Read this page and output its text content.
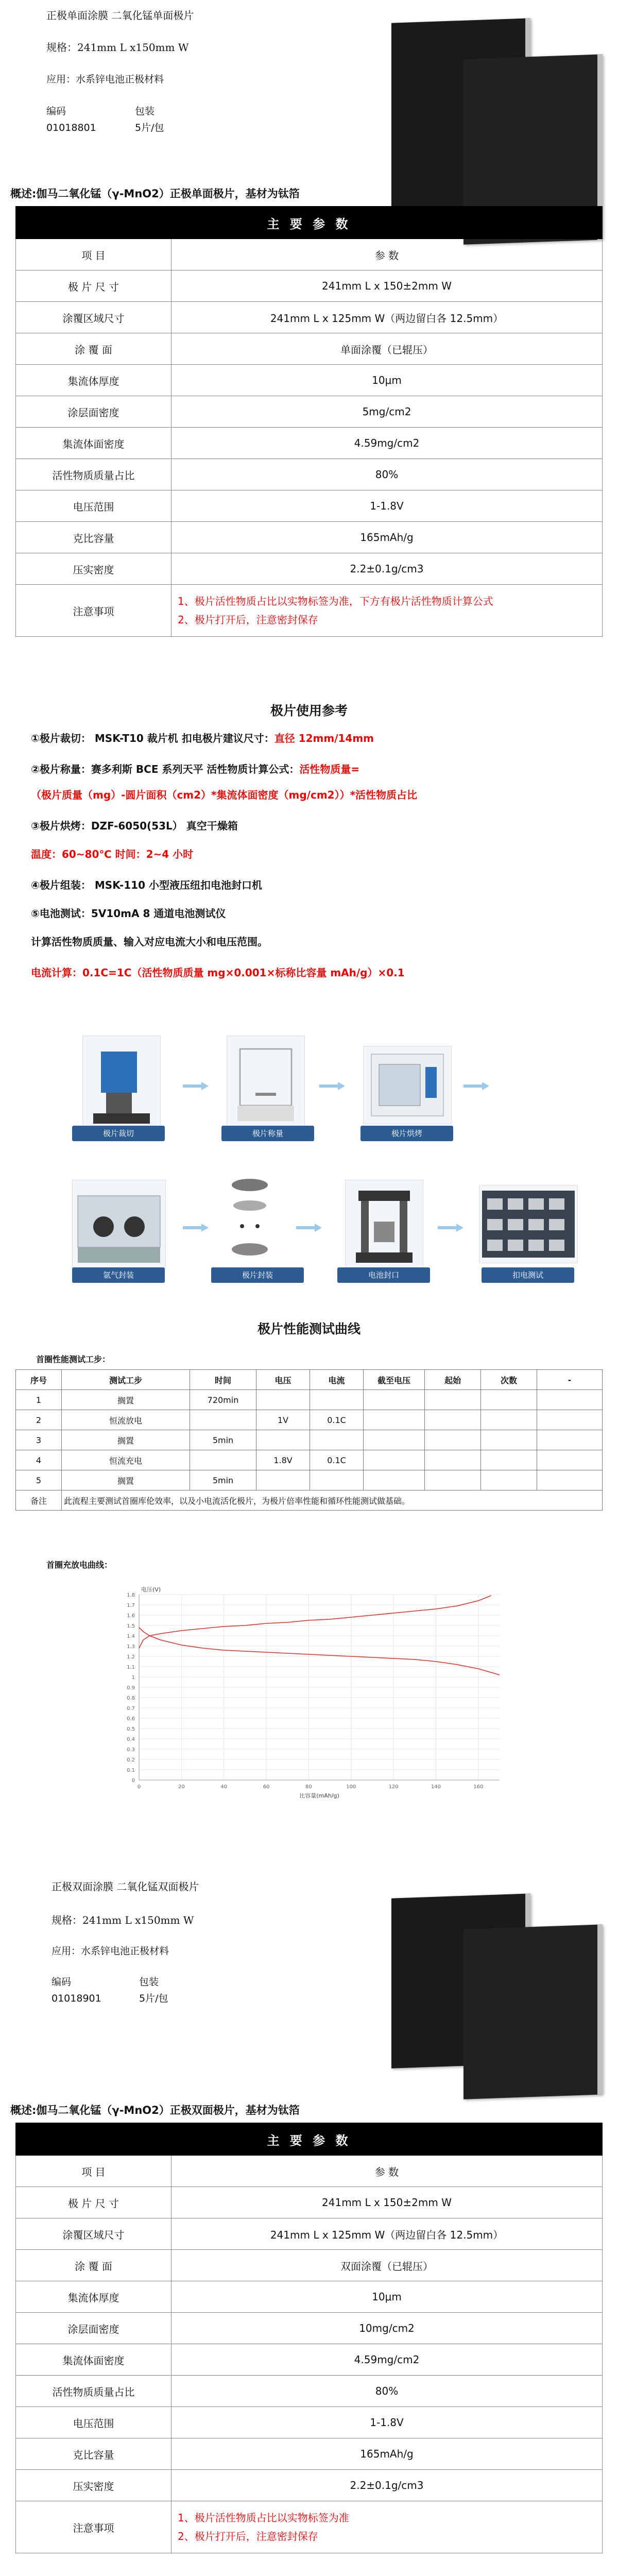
正极单面涂膜 二氧化锰单面极片
规格：241mm L x150mm W
应用：水系锌电池正极材料
编码	包装
01018801	5片/包
概述:伽马二氧化锰（γ-MnO2）正极单面极片，基材为钛箔
主 要 参 数	
项 目	参 数
极 片 尺 寸	241mm L x 150±2mm W
涂覆区域尺寸	241mm L x 125mm W（两边留白各 12.5mm）
涂 覆 面	单面涂覆（已辊压）
集流体厚度	10μm
涂层面密度	5mg/cm2
集流体面密度	4.59mg/cm2
活性物质质量占比	80%
电压范围	1-1.8V
克比容量	165mAh/g
压实密度	2.2±0.1g/cm3
注意事项	1、极片活性物质占比以实物标签为准，下方有极片活性物质计算公式
2、极片打开后，注意密封保存
极片使用参考
①极片裁切： MSK-T10 裁片机 扣电极片建议尺寸：直径 12mm/14mm
②极片称量：赛多利斯 BCE 系列天平 活性物质计算公式：活性物质量=
（极片质量（mg）-圆片面积（cm2）*集流体面密度（mg/cm2））*活性物质占比
③极片烘烤：DZF-6050(53L） 真空干燥箱
温度：60~80℃ 时间：2~4 小时
④极片组装： MSK-110 小型液压纽扣电池封口机
⑤电池测试：5V10mA 8 通道电池测试仪
计算活性物质质量、输入对应电流大小和电压范围。
电流计算：0.1C=1C（活性物质质量 mg×0.001×标称比容量 mAh/g）×0.1
极片裁切	极片称量	极片烘烤
氩气封装	极片封装	电池封口	扣电测试
极片性能测试曲线
首圈性能测试工步：
序号	测试工步	时间	电压	电流	截至电压	起始	次数	-
1	搁置	720min						
2	恒流放电		1V	0.1C				
3	搁置	5min						
4	恒流充电		1.8V	0.1C				
5	搁置	5min						
备注	此流程主要测试首圈库伦效率，以及小电流活化极片，为极片倍率性能和循环性能测试做基础。							
首圈充放电曲线：
0
0.1
0.2
0.3
0.4
0.5
0.6
0.7
0.8
0.9
1
1.1
1.2
1.3
1.4
1.5
1.6
1.7
1.8
0	20	40	60	80	100	120	140	160
比容量(mAh/g)
电压(V)
正极双面涂膜 二氧化锰双面极片
规格：241mm L x150mm W
应用：水系锌电池正极材料
编码	包装
01018901	5片/包
概述:伽马二氧化锰（γ-MnO2）正极双面极片，基材为钛箔
主 要 参 数	
项 目	参 数
极 片 尺 寸	241mm L x 150±2mm W
涂覆区域尺寸	241mm L x 125mm W（两边留白各 12.5mm）
涂 覆 面	双面涂覆（已辊压）
集流体厚度	10μm
涂层面密度	10mg/cm2
集流体面密度	4.59mg/cm2
活性物质质量占比	80%
电压范围	1-1.8V
克比容量	165mAh/g
压实密度	2.2±0.1g/cm3
注意事项	1、极片活性物质占比以实物标签为准
2、极片打开后，注意密封保存
